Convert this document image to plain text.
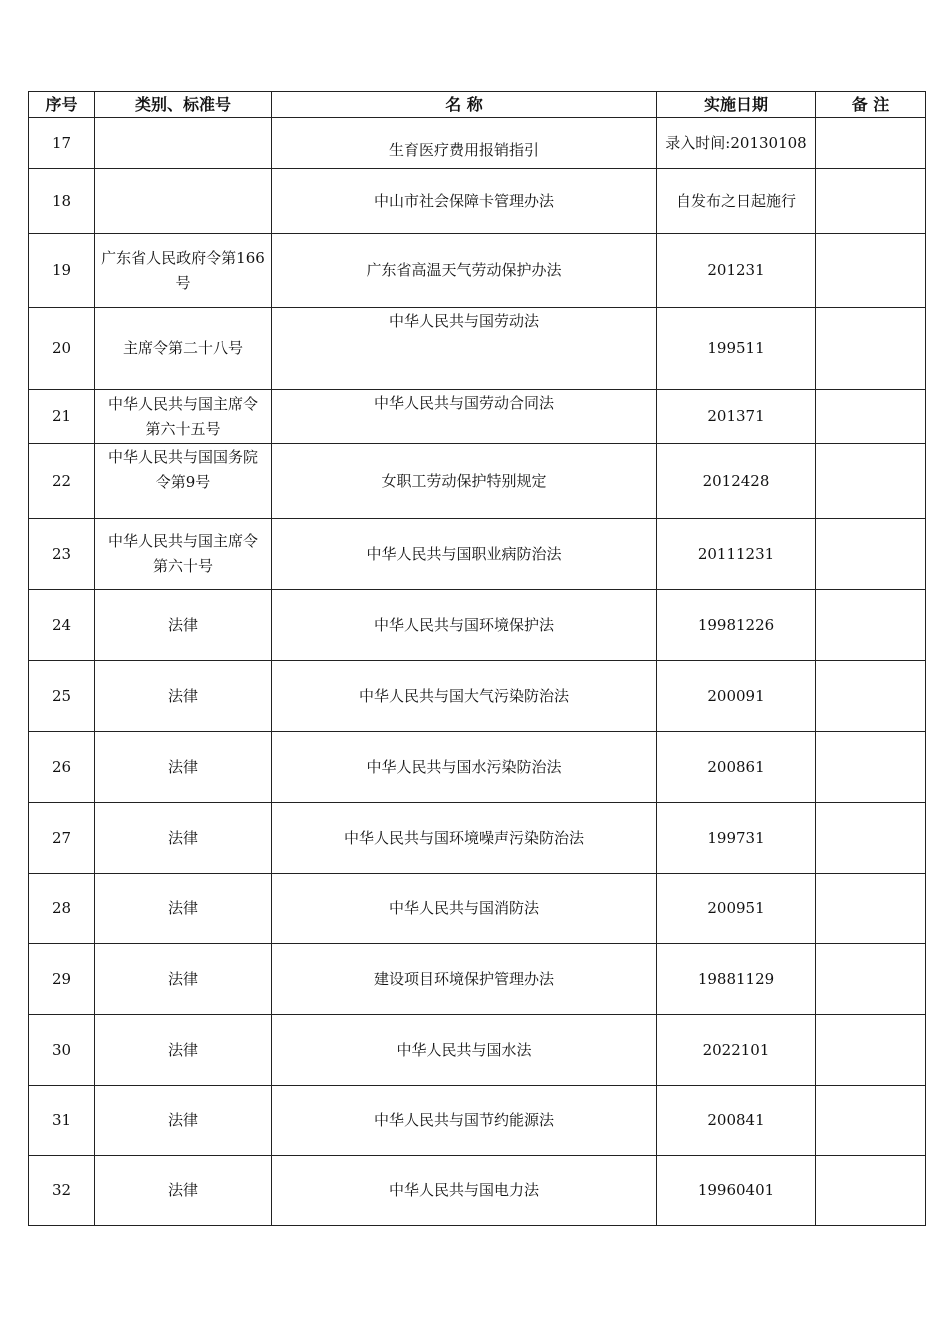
序号	类别、标准号	名 称	实施日期	备 注
17		生育医疗费用报销指引	录入时间:20130108	
18		中山市社会保障卡管理办法	自发布之日起施行	
19	广东省人民政府令第166号	广东省高温天气劳动保护办法	201231	
20	主席令第二十八号	中华人民共与国劳动法	199511	
21	中华人民共与国主席令第六十五号	中华人民共与国劳动合同法	201371	
22	中华人民共与国国务院令第9号	女职工劳动保护特别规定	2012428	
23	中华人民共与国主席令第六十号	中华人民共与国职业病防治法	20111231	
24	法律	中华人民共与国环境保护法	19981226	
25	法律	中华人民共与国大气污染防治法	200091	
26	法律	中华人民共与国水污染防治法	200861	
27	法律	中华人民共与国环境噪声污染防治法	199731	
28	法律	中华人民共与国消防法	200951	
29	法律	建设项目环境保护管理办法	19881129	
30	法律	中华人民共与国水法	2022101	
31	法律	中华人民共与国节约能源法	200841	
32	法律	中华人民共与国电力法	19960401	
